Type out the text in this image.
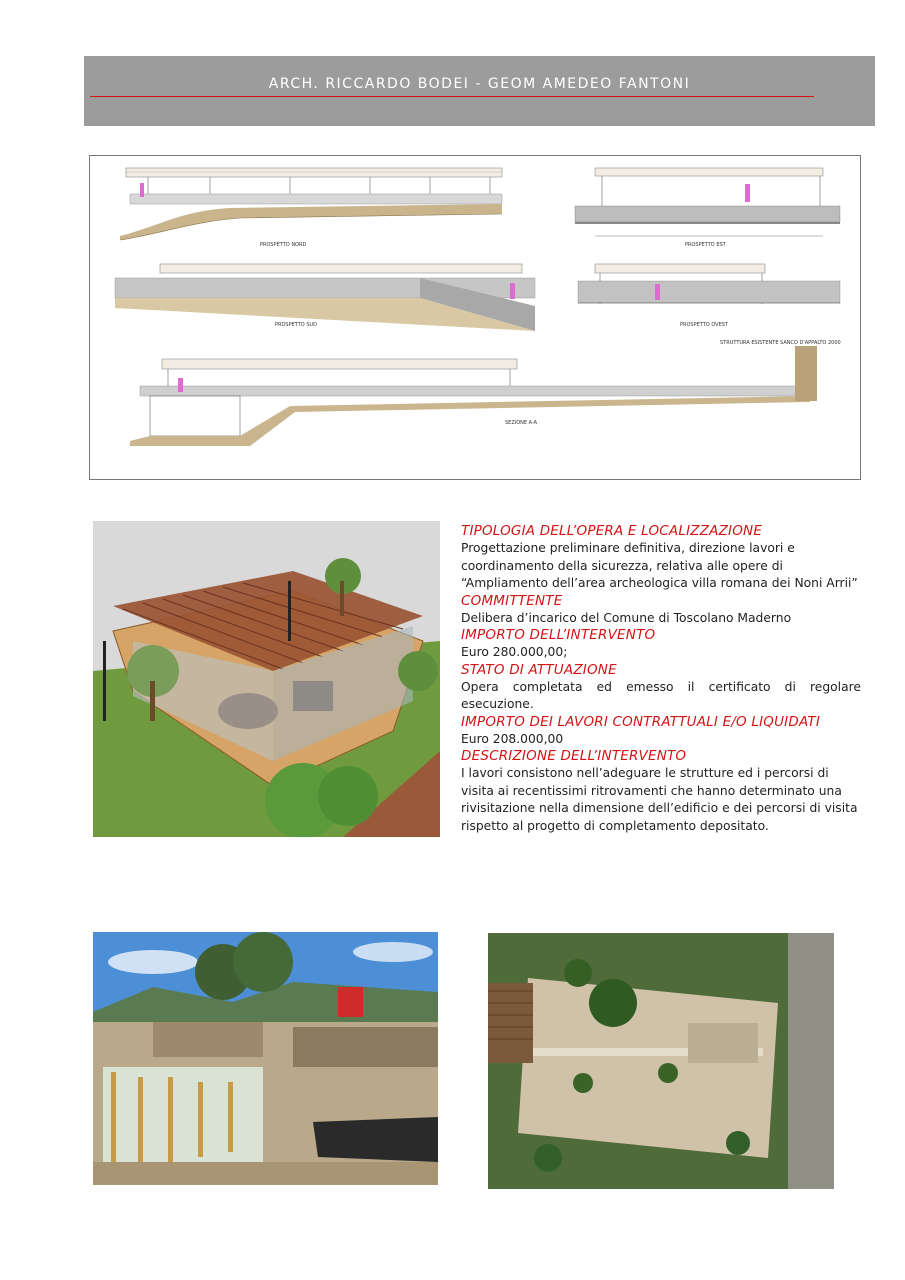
ARCH. RICCARDO BODEI - GEOM AMEDEO FANTONI
PROSPETTO NORD	PROSPETTO EST
PROSPETTO SUD	PROSPETTO OVEST
SEZIONE A-A
STRUTTURA ESISTENTE SANCO D'APPALTO 2000

TIPOLOGIA DELL’OPERA E LOCALIZZAZIONE

Progettazione preliminare definitiva, direzione lavori e coordinamento della sicurezza, relativa alle opere di “Ampliamento dell’area archeologica villa romana dei Noni Arrii”

COMMITTENTE

Delibera d’incarico del Comune di Toscolano Maderno

IMPORTO DELL’INTERVENTO

Euro 280.000,00;

STATO DI ATTUAZIONE

Opera completata ed emesso il certificato di regolare esecuzione.

IMPORTO DEI LAVORI CONTRATTUALI E/O LIQUIDATI

Euro 208.000,00

DESCRIZIONE DELL’INTERVENTO

I lavori consistono nell’adeguare le strutture ed i percorsi di visita ai recentissimi ritrovamenti che hanno determinato una rivisitazione nella dimensione dell’edificio e dei percorsi di visita rispetto al progetto di completamento depositato.
